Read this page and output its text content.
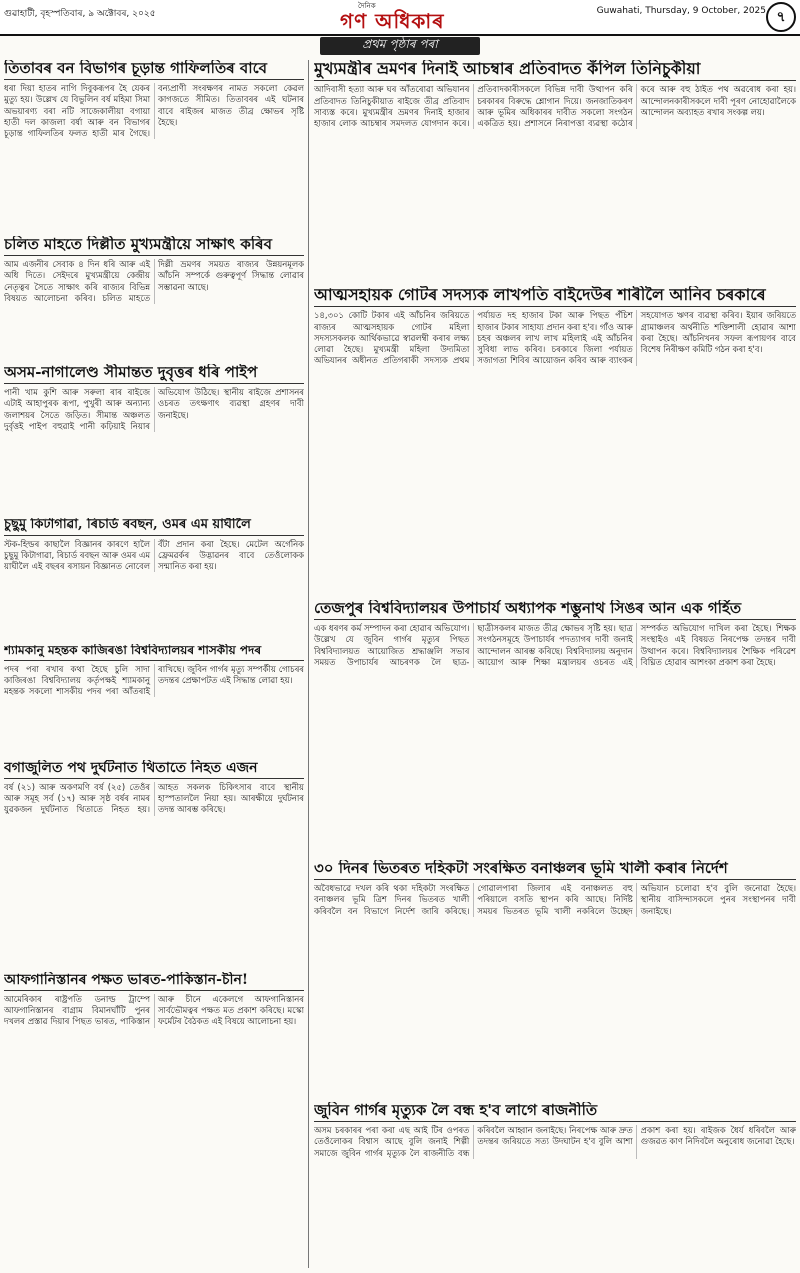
গুৱাহাটী, বৃহস্পতিবাৰ, ৯ অক্টোবৰ, ২০২৫
দৈনিক
গণ অধিকাৰ	Guwahati, Thursday, 9 October, 2025 ৭
প্ৰথম পৃষ্ঠাৰ পৰা
তিতাবৰ বন বিভাগৰ চূড়ান্ত গাফিলতিৰ বাবে
ধৰা দিয়া হাতৰ নাগি দিবুকৰূপৰ হৈ যেকৰ মুত্যু হয়। উল্লেখ যে বিভুলিন বৰ্ষ মহিমা সিমা অভয়াৰণ্য বৰা নটি সাজেকালীয়া বগায়া হাতী দল কাজলা বৰ্ষা আৰু বন বিভাগৰ চূড়ান্ত গাফিলতিৰ ফলত হাতী মাৰ গৈছে। বন্যপ্ৰাণী সংৰক্ষণৰ নামত সকলো কেৱল কাগজতে সীমিত। তিতাবৰৰ এই ঘটনাৰ বাবে ৰাইজৰ মাজত তীব্ৰ ক্ষোভৰ সৃষ্টি হৈছে।
চলিত মাহতে দিল্লীত মুখ্যমন্ত্ৰীয়ে সাক্ষাৎ কৰিব
আম এজনীৰ সেবাক ৪ দিন ধৰি আৰু এই অধি দিতে। সেইদৰে মুখ্যমন্ত্ৰীয়ে কেন্দ্ৰীয় নেতৃত্বৰ সৈতে সাক্ষাৎ কৰি ৰাজ্যৰ বিভিন্ন বিষয়ত আলোচনা কৰিব। চলিত মাহতে দিল্লী ভ্ৰমণৰ সময়ত ৰাজ্যৰ উন্নয়নমূলক আঁচনি সম্পৰ্কে গুৰুত্বপূৰ্ণ সিদ্ধান্ত লোৱাৰ সম্ভাৱনা আছে।
অসম-নাগালেণ্ড সীমান্তত দুবৃত্তৰ ধৰি পাইপ
পানী খাম কুশি আৰু সৰুলা ৰাৰ ৰাইজে এটাই আহাপুৰক ৰূপা, পুখুৰী আৰু অন্যান্য জলাশয়ৰ সৈতে জড়িত। সীমান্ত অঞ্চলত দুৰ্বৃত্তই পাইপ বহুৱাই পানী কঢ়িয়াই নিয়াৰ অভিযোগ উঠিছে। স্থানীয় ৰাইজে প্ৰশাসনৰ ওচৰত তৎক্ষণাৎ ব্যৱস্থা গ্ৰহণৰ দাবী জনাইছে।
চুছুমু কিটাগাৱা, ৰিচাৰ্ড ৰবছন, ওমৰ এম য়াঘীলৈ
স্টক-হিল্ডৰ কাছালৈ বিজ্ঞানৰ কাৰণে হালৈ চুছুমু কিটাগাৱা, ৰিচাৰ্ড ৰবছন আৰু ওমৰ এম য়াঘীলৈ এই বছৰৰ ৰসায়ন বিজ্ঞানত নোবেল বঁটা প্ৰদান কৰা হৈছে। মেটেল অৰ্গেনিক ফ্ৰেমৱৰ্কৰ উদ্ভাৱনৰ বাবে তেওঁলোকক সন্মানিত কৰা হয়।
শ্যামকানু মহন্তক কাজিৰঙা বিশ্ববিদ্যালয়ৰ শাসকীয় পদৰ
পদৰ পৰা ৰখাৰ কথা হৈছে চুলি সাদা কাজিৰঙা বিশ্ববিদ্যালয় কৰ্তৃপক্ষই শ্যামকানু মহন্তক সকলো শাসকীয় পদৰ পৰা আঁতৰাই ৰাখিছে। জুবিন গাৰ্গৰ মৃত্যু সম্পৰ্কীয় গোচৰৰ তদন্তৰ প্ৰেক্ষাপটত এই সিদ্ধান্ত লোৱা হয়।
বগাজুলিত পথ দুৰ্ঘটনাত থিতাতে নিহত এজন
বৰ্ষ (২১) আৰু অকণমণি বৰ্ষ (২৫) তেওঁৰ আৰু সমূহ সৰ্ব (১৭) আৰু সৃষ্ঠ বৰ্ষৰ নামৰ যুৱকজন দুৰ্ঘটনাত থিতাতে নিহত হয়। আহত সকলক চিকিৎসাৰ বাবে স্থানীয় হাস্পতাললৈ নিয়া হয়। আৰক্ষীয়ে দুৰ্ঘটনাৰ তদন্ত আৰম্ভ কৰিছে।
আফগানিস্তানৰ পক্ষত ভাৰত-পাকিস্তান-চীন!
আমেৰিকাৰ ৰাষ্ট্ৰপতি ডনাল্ড ট্ৰাম্পে আফগানিস্তানৰ বাগ্ৰাম বিমানঘাঁটি পুনৰ দখলৰ প্ৰস্তাৱ দিয়াৰ পিছত ভাৰত, পাকিস্তান আৰু চীনে একেলগে আফগানিস্তানৰ সাৰ্বভৌমত্বৰ পক্ষত মত প্ৰকাশ কৰিছে। মস্কো ফৰ্মেটৰ বৈঠকত এই বিষয়ে আলোচনা হয়।
মুখ্যমন্ত্ৰীৰ ভ্ৰমণৰ দিনাই আচম্বাৰ প্ৰতিবাদত কঁপিল তিনিচুকীয়া
আদিবাসী হত্যা আৰু ঘৰ আঁতৰোৱা অভিযানৰ প্ৰতিবাদত তিনিচুকীয়াত ৰাইজে তীব্ৰ প্ৰতিবাদ সাব্যস্ত কৰে। মুখ্যমন্ত্ৰীৰ ভ্ৰমণৰ দিনাই হাজাৰ হাজাৰ লোক আচম্বাৰ সমদলত যোগদান কৰে। প্ৰতিবাদকাৰীসকলে বিভিন্ন দাবী উত্থাপন কৰি চৰকাৰৰ বিৰুদ্ধে শ্লোগান দিয়ে। জনজাতিকৰণ আৰু ভূমিৰ অধিকাৰৰ দাবীত সকলো সংগঠন একত্ৰিত হয়। প্ৰশাসনে নিৰাপত্তা ব্যৱস্থা কঠোৰ কৰে আৰু বহু ঠাইত পথ অৱৰোধ কৰা হয়। আন্দোলনকাৰীসকলে দাবী পূৰণ নোহোৱালৈকে আন্দোলন অব্যাহত ৰখাৰ সংকল্প লয়।
আত্মসহায়ক গোটৰ সদস্যক লাখপতি বাইদেউৰ শাৰীলৈ আনিব চৰকাৰে
১৪,৩০১ কোটি টকাৰ এই আঁচনিৰ জৰিয়তে ৰাজ্যৰ আত্মসহায়ক গোটৰ মহিলা সদস্যসকলক আৰ্থিকভাৱে স্বাৱলম্বী কৰাৰ লক্ষ্য লোৱা হৈছে। মুখ্যমন্ত্ৰী মহিলা উদ্যমিতা অভিযানৰ অধীনত প্ৰতিগৰাকী সদস্যক প্ৰথম পৰ্যায়ত দহ হাজাৰ টকা আৰু পিছত পঁচিশ হাজাৰ টকাৰ সাহায্য প্ৰদান কৰা হ'ব। গাঁও আৰু চহৰ অঞ্চলৰ লাখ লাখ মহিলাই এই আঁচনিৰ সুবিধা লাভ কৰিব। চৰকাৰে জিলা পৰ্যায়ত সজাগতা শিবিৰ আয়োজন কৰিব আৰু ব্যাংকৰ সহযোগত ঋণৰ ব্যৱস্থা কৰিব। ইয়াৰ জৰিয়তে গ্ৰামাঞ্চলৰ অৰ্থনীতি শক্তিশালী হোৱাৰ আশা কৰা হৈছে। আঁচনিখনৰ সফল ৰূপায়ণৰ বাবে বিশেষ নিৰীক্ষণ কমিটি গঠন কৰা হ'ব।
তেজপুৰ বিশ্ববিদ্যালয়ৰ উপাচাৰ্য অধ্যাপক শম্ভুনাথ সিঙৰ আন এক গৰ্হিত
এক ধৰণৰ কৰ্ম সম্পাদন কৰা হোৱাৰ অভিযোগ। উল্লেখ যে জুবিন গাৰ্গৰ মৃত্যুৰ পিছত বিশ্ববিদ্যালয়ত আয়োজিত শ্ৰদ্ধাঞ্জলি সভাৰ সময়ত উপাচাৰ্যৰ আচৰণক লৈ ছাত্ৰ-ছাত্ৰীসকলৰ মাজত তীব্ৰ ক্ষোভৰ সৃষ্টি হয়। ছাত্ৰ সংগঠনসমূহে উপাচাৰ্যৰ পদত্যাগৰ দাবী জনাই আন্দোলন আৰম্ভ কৰিছে। বিশ্ববিদ্যালয় অনুদান আয়োগ আৰু শিক্ষা মন্ত্ৰালয়ৰ ওচৰত এই সম্পৰ্কত অভিযোগ দাখিল কৰা হৈছে। শিক্ষক সংস্থাইও এই বিষয়ত নিৰপেক্ষ তদন্তৰ দাবী উত্থাপন কৰে। বিশ্ববিদ্যালয়ৰ শৈক্ষিক পৰিৱেশ বিঘ্নিত হোৱাৰ আশংকা প্ৰকাশ কৰা হৈছে।
৩০ দিনৰ ভিতৰত দহিকটা সংৰক্ষিত বনাঞ্চলৰ ভূমি খালী কৰাৰ নিৰ্দেশ
অবৈধভাৱে দখল কৰি থকা দহিকটা সংৰক্ষিত বনাঞ্চলৰ ভূমি ত্ৰিশ দিনৰ ভিতৰত খালী কৰিবলৈ বন বিভাগে নিৰ্দেশ জাৰি কৰিছে। গোৱালপাৰা জিলাৰ এই বনাঞ্চলত বহু পৰিয়ালে বসতি স্থাপন কৰি আছে। নিৰ্দিষ্ট সময়ৰ ভিতৰত ভূমি খালী নকৰিলে উচ্ছেদ অভিযান চলোৱা হ'ব বুলি জনোৱা হৈছে। স্থানীয় বাসিন্দাসকলে পুনৰ সংস্থাপনৰ দাবী জনাইছে।
জুবিন গাৰ্গৰ মৃত্যুক লৈ বন্ধ হ'ব লাগে ৰাজনীতি
অসম চৰকাৰৰ পৰা কৰা এছ আই টিৰ ওপৰত তেওঁলোকৰ বিশ্বাস আছে বুলি জনাই শিল্পী সমাজে জুবিন গাৰ্গৰ মৃত্যুক লৈ ৰাজনীতি বন্ধ কৰিবলৈ আহ্বান জনাইছে। নিৰপেক্ষ আৰু দ্ৰুত তদন্তৰ জৰিয়তে সত্য উদঘাটন হ'ব বুলি আশা প্ৰকাশ কৰা হয়। ৰাইজক ধৈৰ্য ধৰিবলৈ আৰু গুজৱত কাণ নিদিবলৈ অনুৰোধ জনোৱা হৈছে।
